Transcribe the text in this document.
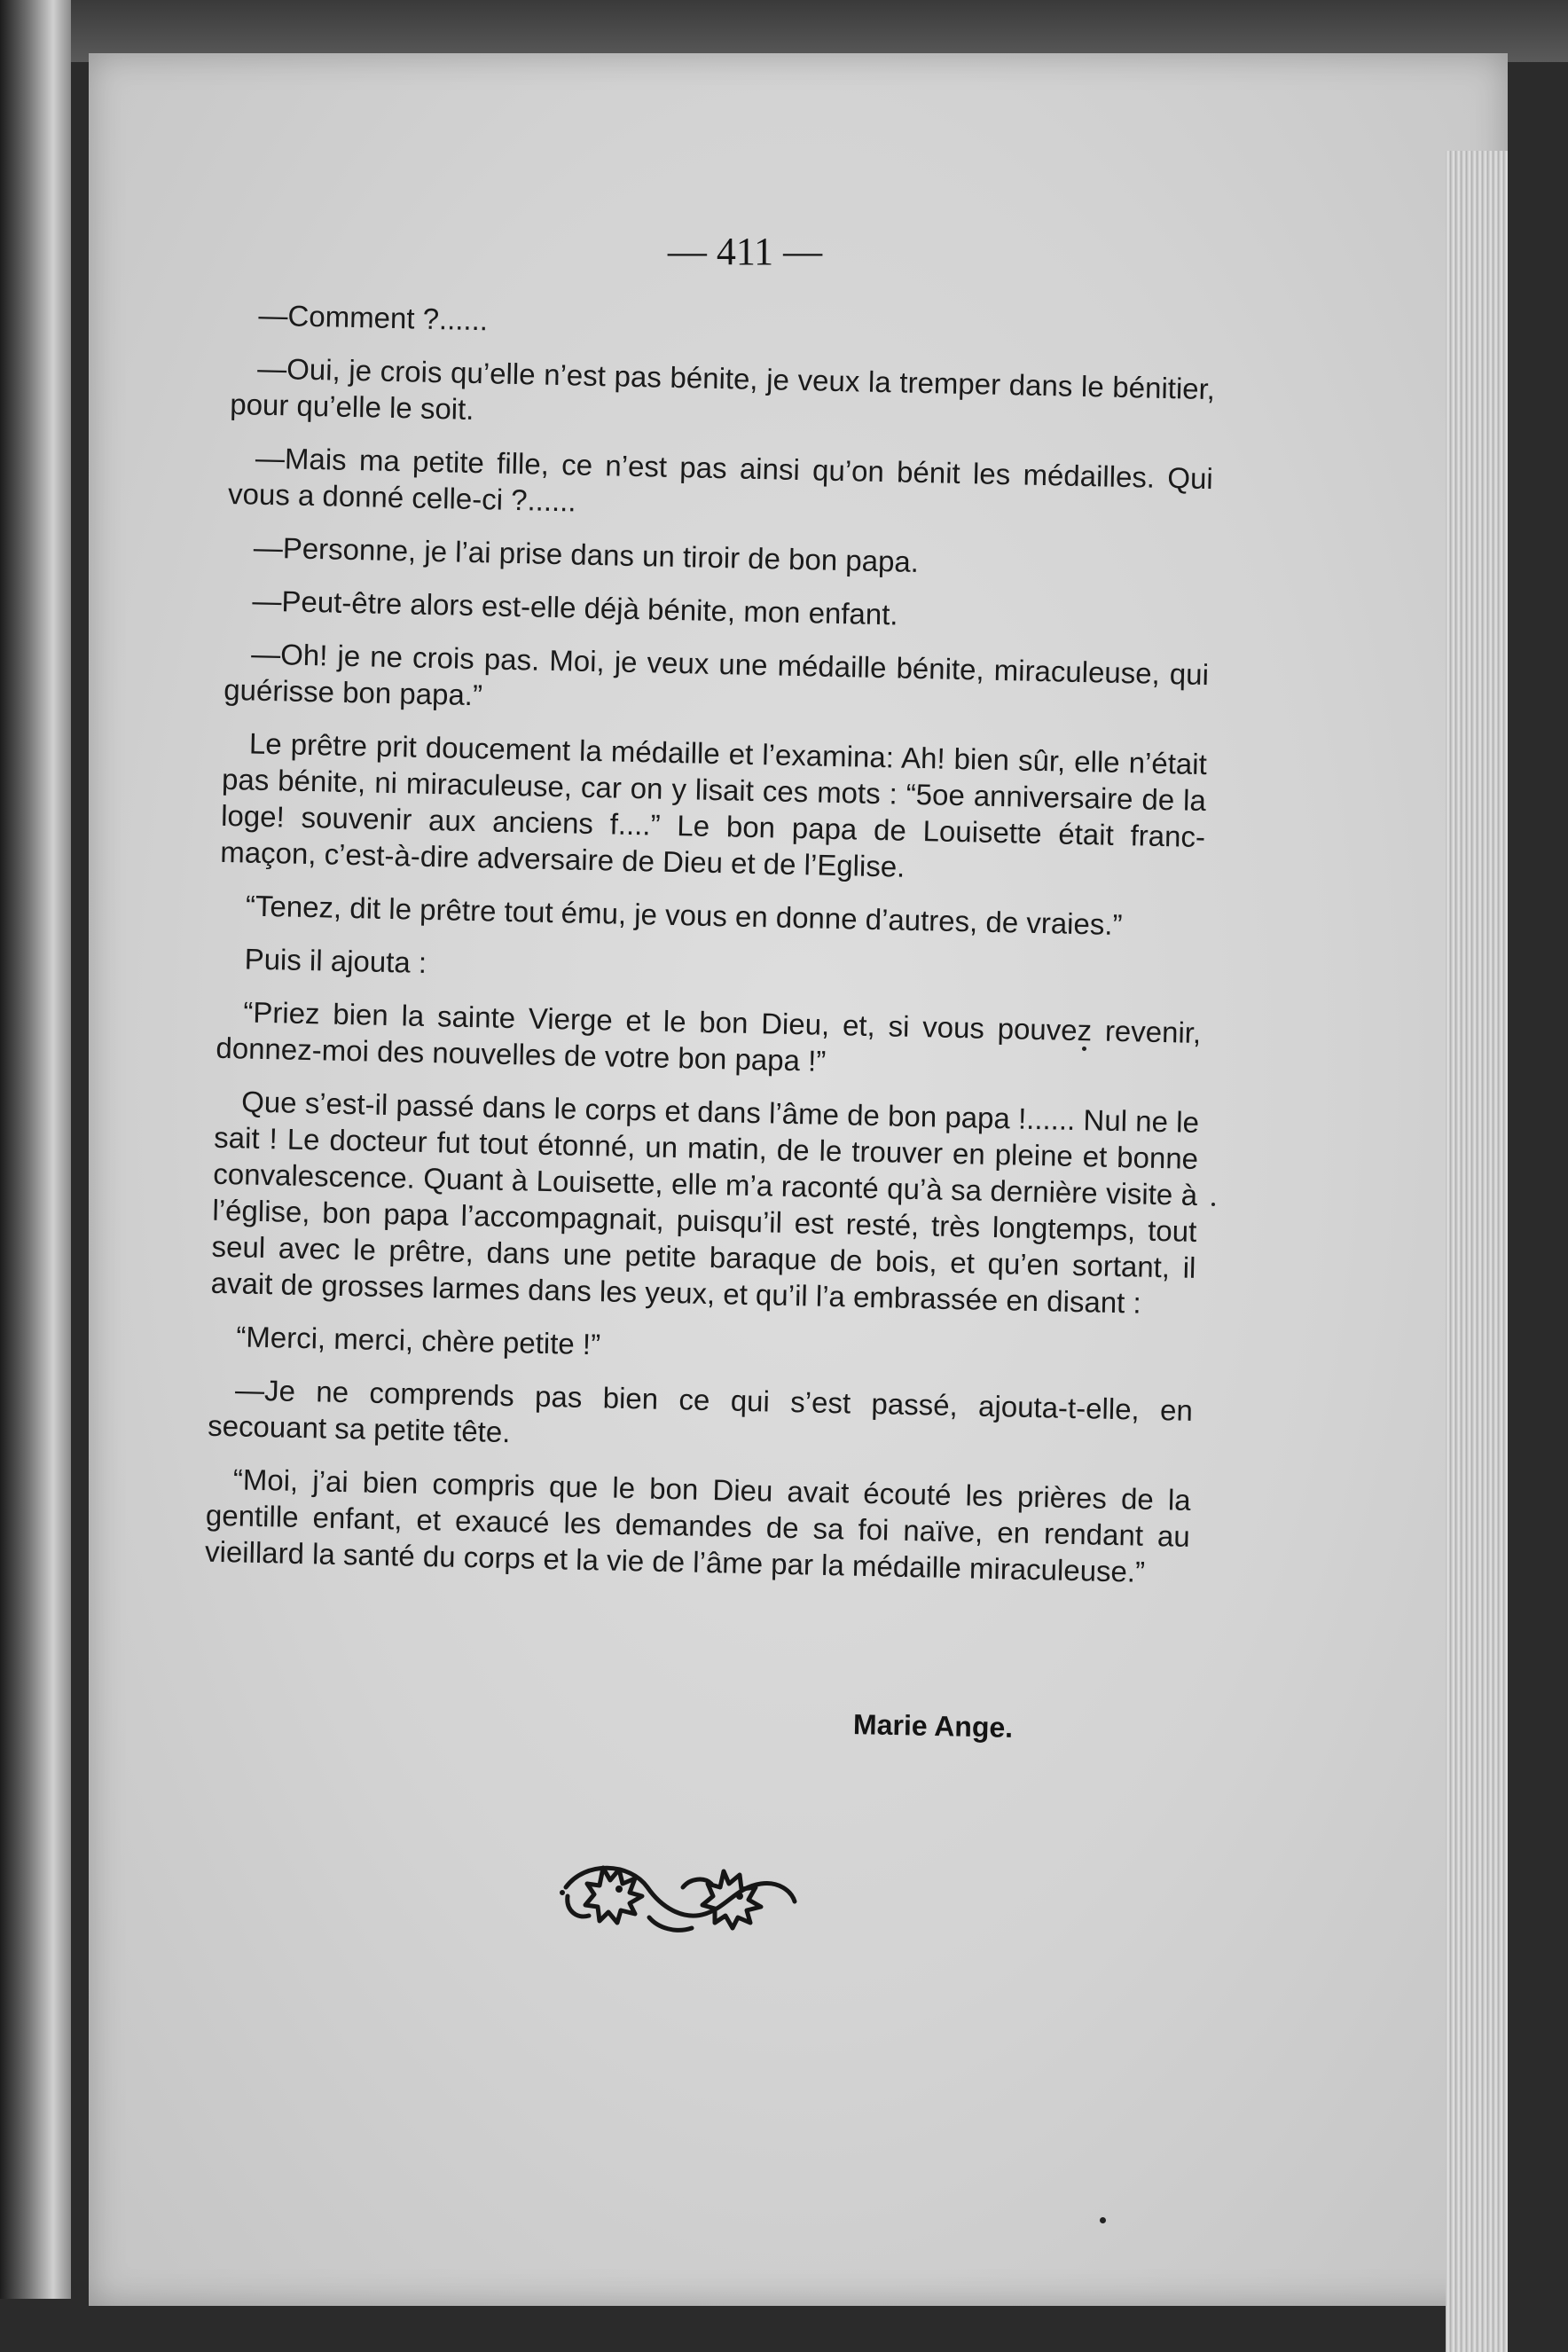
— 411 —

—Comment ?......

—Oui, je crois qu’elle n’est pas bénite, je veux la tremper dans le bénitier, pour qu’elle le soit.

—Mais ma petite fille, ce n’est pas ainsi qu’on bénit les médailles. Qui vous a donné celle-ci ?......

—Personne, je l’ai prise dans un tiroir de bon papa.

—Peut-être alors est-elle déjà bénite, mon enfant.

—Oh! je ne crois pas. Moi, je veux une médaille bénite, miraculeuse, qui guérisse bon papa.”

Le prêtre prit doucement la médaille et l’examina: Ah! bien sûr, elle n’était pas bénite, ni miraculeuse, car on y lisait ces mots : “5oe anniversaire de la loge! souvenir aux anciens f....” Le bon papa de Louisette était franc-maçon, c’est-à-dire adversaire de Dieu et de l’Eglise.

“Tenez, dit le prêtre tout ému, je vous en donne d’autres, de vraies.”

Puis il ajouta :

“Priez bien la sainte Vierge et le bon Dieu, et, si vous pouvez revenir, donnez-moi des nouvelles de votre bon papa !”

Que s’est-il passé dans le corps et dans l’âme de bon papa !...... Nul ne le sait ! Le docteur fut tout étonné, un matin, de le trouver en pleine et bonne convalescence. Quant à Louisette, elle m’a raconté qu’à sa dernière visite à l’église, bon papa l’accompagnait, puisqu’il est resté, très longtemps, tout seul avec le prêtre, dans une petite baraque de bois, et qu’en sortant, il avait de grosses larmes dans les yeux, et qu’il l’a embrassée en disant :

“Merci, merci, chère petite !”

—Je ne comprends pas bien ce qui s’est passé, ajouta-t-elle, en secouant sa petite tête.

“Moi, j’ai bien compris que le bon Dieu avait écouté les prières de la gentille enfant, et exaucé les demandes de sa foi naïve, en rendant au vieillard la santé du corps et la vie de l’âme par la médaille miraculeuse.”

Marie Ange.
